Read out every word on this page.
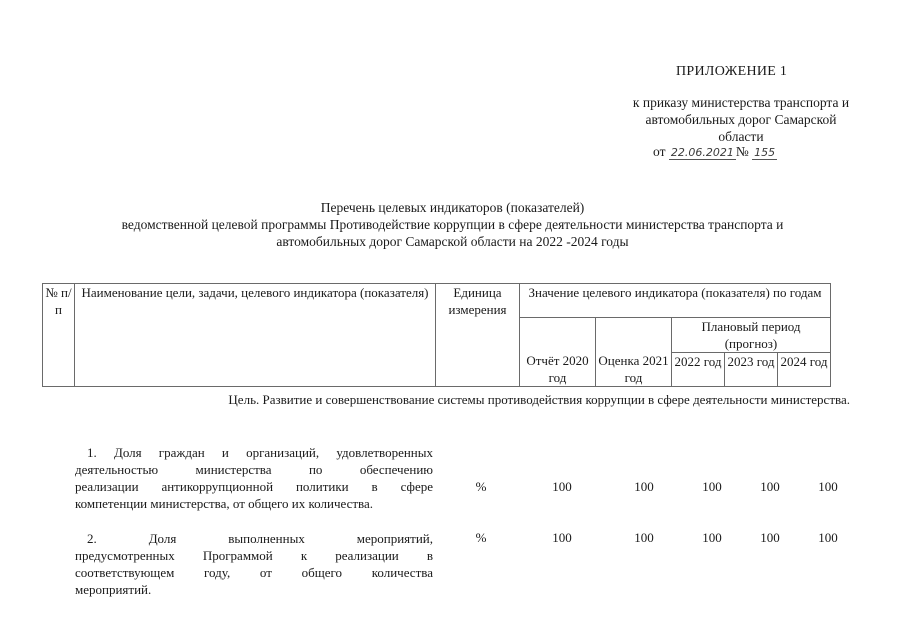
ПРИЛОЖЕНИЕ 1
к приказу министерства транспорта и
автомобильных дорог Самарской
области
от 22.06.2021 № 155
Перечень целевых индикаторов (показателей)
ведомственной целевой программы Противодействие коррупции в сфере деятельности министерства транспорта и
автомобильных дорог Самарской области на 2022 -2024 годы
№ п/п	Наименование цели, задачи, целевого индикатора (показателя)	Единица измерения	Значение целевого индикатора (показателя) по годам				
			Отчёт 2020 год	Оценка 2021 год	Плановый период (прогноз)		
					2022 год	2023 год	2024 год
Цель. Развитие и совершенствование системы противодействия коррупции в сфере деятельности министерства.
1. Доля граждан и организаций, удовлетворенных
деятельностью министерства по обеспечению
реализации антикоррупционной политики в сфере
компетенции министерства, от общего их количества.
%	100	100	100	100	100
2. Доля выполненных мероприятий,
предусмотренных Программой к реализации в
соответствующем году, от общего количества
мероприятий.
%	100	100	100	100	100
